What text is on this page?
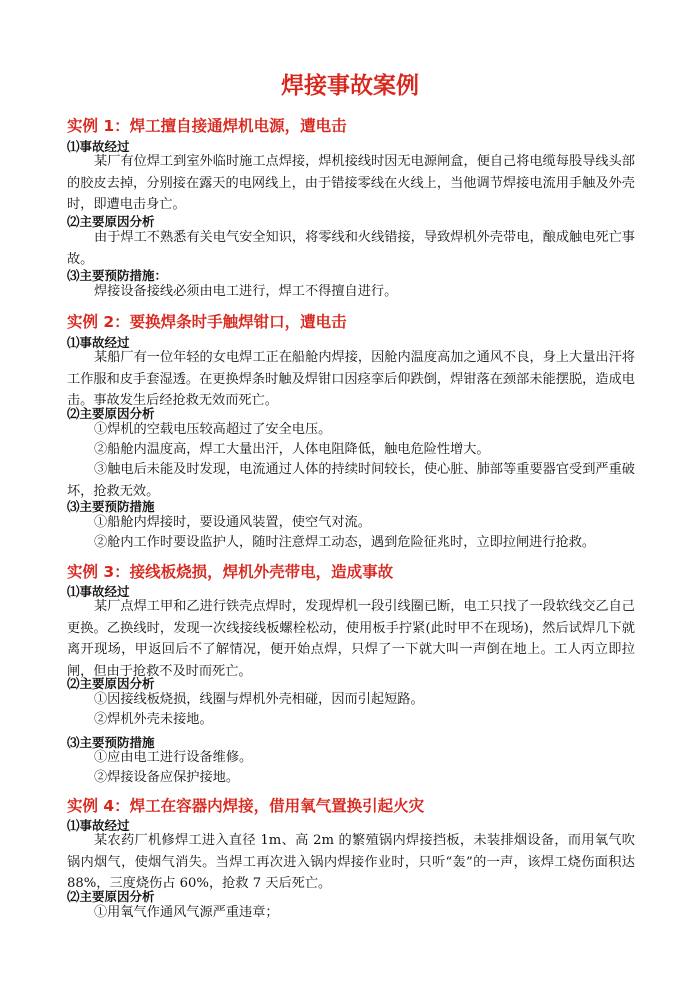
焊接事故案例
实例 1：焊工擅自接通焊机电源，遭电击
⑴事故经过
某厂有位焊工到室外临时施工点焊接，焊机接线时因无电源闸盒，便自己将电缆每股导线头部的胶皮去掉，分别接在露天的电网线上，由于错接零线在火线上，当他调节焊接电流用手触及外壳时，即遭电击身亡。
⑵主要原因分析
由于焊工不熟悉有关电气安全知识，将零线和火线错接，导致焊机外壳带电，酿成触电死亡事故。
⑶主要预防措施：
焊接设备接线必须由电工进行，焊工不得擅自进行。
实例 2：要换焊条时手触焊钳口，遭电击
⑴事故经过
某船厂有一位年轻的女电焊工正在船舱内焊接，因舱内温度高加之通风不良，身上大量出汗将工作服和皮手套湿透。在更换焊条时触及焊钳口因痉挛后仰跌倒，焊钳落在颈部未能摆脱，造成电击。事故发生后经抢救无效而死亡。
⑵主要原因分析
①焊机的空载电压较高超过了安全电压。
②船舱内温度高，焊工大量出汗，人体电阻降低，触电危险性增大。
③触电后未能及时发现，电流通过人体的持续时间较长，使心脏、肺部等重要器官受到严重破坏，抢救无效。
⑶主要预防措施
①船舱内焊接时，要设通风装置，使空气对流。
②舱内工作时要设监护人，随时注意焊工动态，遇到危险征兆时，立即拉闸进行抢救。
实例 3：接线板烧损，焊机外壳带电，造成事故
⑴事故经过
某厂点焊工甲和乙进行铁壳点焊时，发现焊机一段引线圈已断，电工只找了一段软线交乙自己更换。乙换线时，发现一次线接线板螺栓松动，使用板手拧紧(此时甲不在现场)，然后试焊几下就离开现场，甲返回后不了解情况，便开始点焊，只焊了一下就大叫一声倒在地上。工人丙立即拉闸，但由于抢救不及时而死亡。
⑵主要原因分析
①因接线板烧损，线圈与焊机外壳相碰，因而引起短路。
②焊机外壳未接地。
⑶主要预防措施
①应由电工进行设备维修。
②焊接设备应保护接地。
实例 4：焊工在容器内焊接，借用氧气置换引起火灾
⑴事故经过
某农药厂机修焊工进入直径 1m、高 2m 的繁殖锅内焊接挡板，未装排烟设备，而用氧气吹锅内烟气，使烟气消失。当焊工再次进入锅内焊接作业时，只听“轰”的一声，该焊工烧伤面积达 88%，三度烧伤占 60%，抢救 7 天后死亡。
⑵主要原因分析
①用氧气作通风气源严重违章；
